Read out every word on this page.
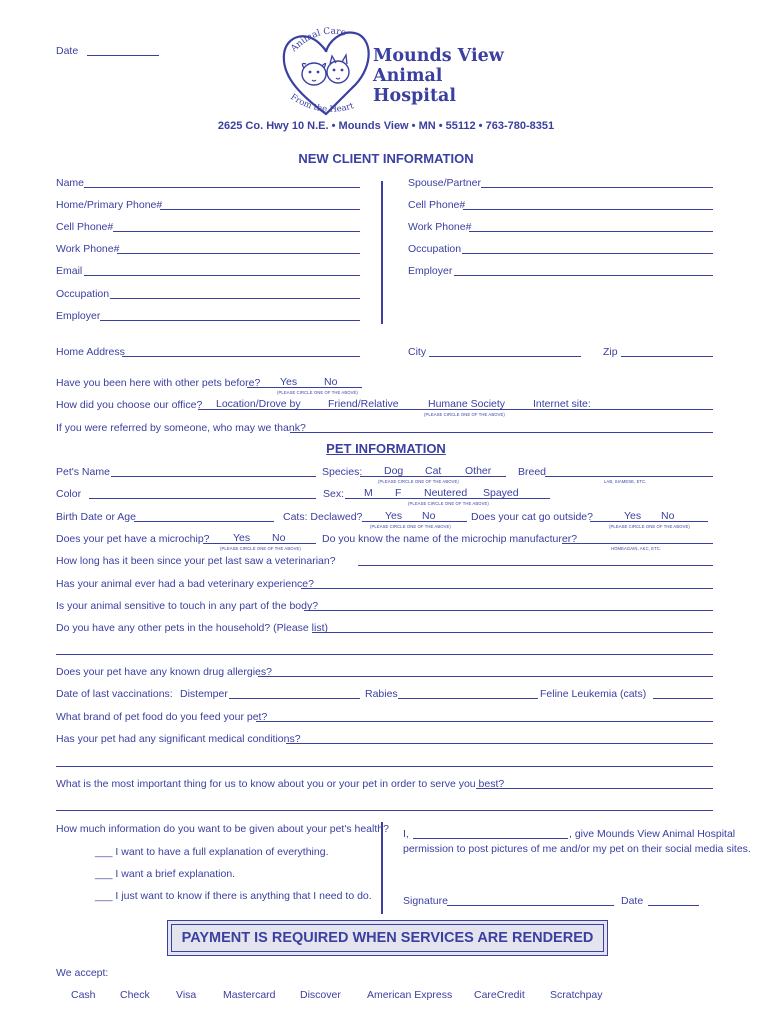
Date	Animal Care
From the Heart
Mounds View
Animal
Hospital
2625 Co. Hwy 10 N.E. • Mounds View • MN • 55112 • 763-780-8351
NEW CLIENT INFORMATION
Name
Home/Primary Phone#
Cell Phone#
Work Phone#
Email
Occupation
Employer
Spouse/Partner
Cell Phone#
Work Phone#
Occupation
Employer
Home Address	City	Zip
Have you been here with other pets before? Yes	No
(PLEASE CIRCLE ONE OF THE ABOVE)
How did you choose our office? Location/Drove by	Friend/Relative	Humane Society	Internet site:
(PLEASE CIRCLE ONE OF THE ABOVE)
If you were referred by someone, who may we thank?
PET INFORMATION
Pet's Name	Species: Dog Cat Other
(PLEASE CIRCLE ONE OF THE ABOVE)
Breed
LAB, SIAMESE, ETC.
Color	Sex: M F Neutered Spayed
(PLEASE CIRCLE ONE OF THE ABOVE)
Birth Date or Age	Cats: Declawed? Yes No
(PLEASE CIRCLE ONE OF THE ABOVE)
Does your cat go outside?	Yes No
(PLEASE CIRCLE ONE OF THE ABOVE)
Does your pet have a microchip? Yes No
(PLEASE CIRCLE ONE OF THE ABOVE)
Do you know the name of the microchip manufacturer?
HOMEAGAIN, AKC, ETC.
How long has it been since your pet last saw a veterinarian?
Has your animal ever had a bad veterinary experience?
Is your animal sensitive to touch in any part of the body?
Do you have any other pets in the household? (Please list)
Does your pet have any known drug allergies?
Date of last vaccinations: Distemper	Rabies	Feline Leukemia (cats)
What brand of pet food do you feed your pet?
Has your pet had any significant medical conditions?
What is the most important thing for us to know about you or your pet in order to serve you best?
How much information do you want to be given about your pet's health?
___ I want to have a full explanation of everything.
___ I want a brief explanation.
___ I just want to know if there is anything that I need to do.
I,	, give Mounds View Animal Hospital
permission to post pictures of me and/or my pet on their social media sites.
Signature	Date
PAYMENT IS REQUIRED WHEN SERVICES ARE RENDERED
We accept:
Cash Check Visa	Mastercard Discover American Express CareCredit Scratchpay
